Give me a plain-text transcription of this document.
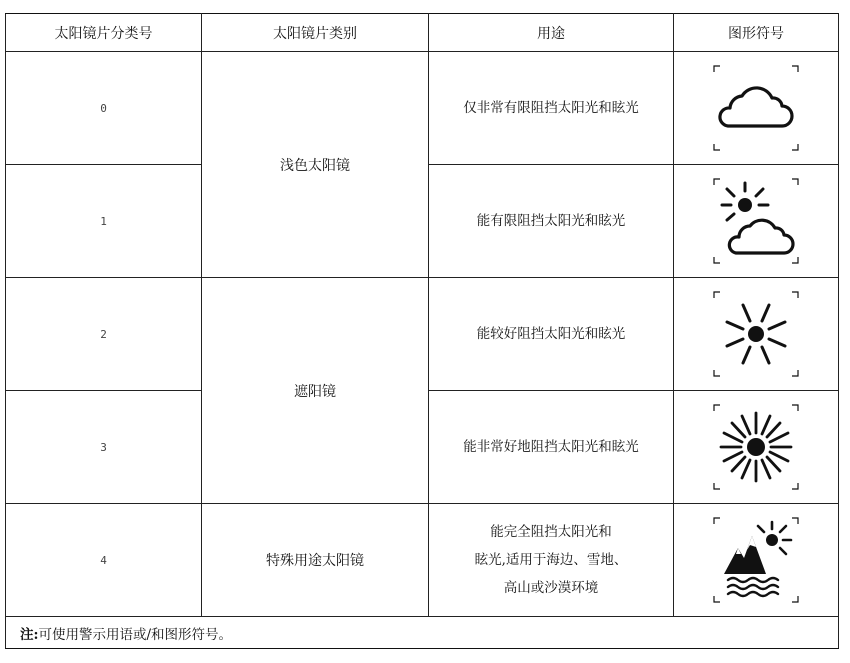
太阳镜片分类号	太阳镜片类别	用途	图形符号
0	浅色太阳镜	仅非常有限阻挡太阳光和眩光

1		能有限阻挡太阳光和眩光

2	遮阳镜	能较好阻挡太阳光和眩光

3		能非常好地阻挡太阳光和眩光

4	特殊用途太阳镜	能完全阻挡太阳光和
眩光,适用于海边、雪地、
高山或沙漠环境

注:可使用警示用语或/和图形符号。			
